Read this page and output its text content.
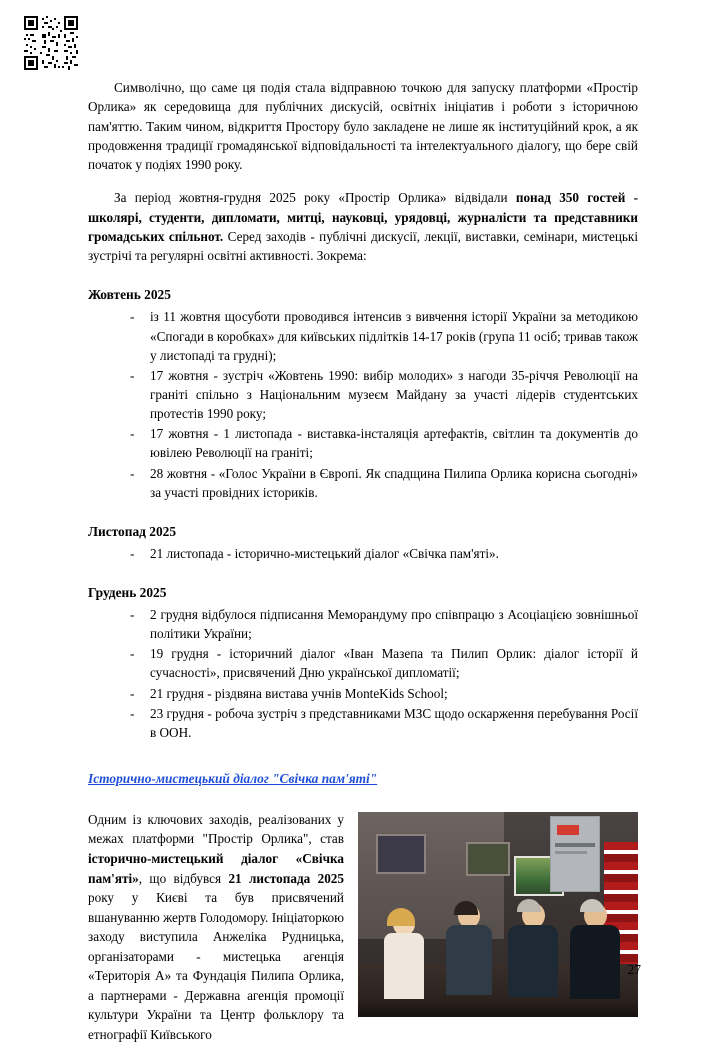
Символічно, що саме ця подія стала відправною точкою для запуску платформи «Простір Орлика» як середовища для публічних дискусій, освітніх ініціатив і роботи з історичною пам'яттю. Таким чином, відкриття Простору було закладене не лише як інституційний крок, а як продовження традиції громадянської відповідальності та інтелектуального діалогу, що бере свій початок у подіях 1990 року.

За період жовтня-грудня 2025 року «Простір Орлика» відвідали понад 350 гостей - школярі, студенти, дипломати, митці, науковці, урядовці, журналісти та представники громадських спільнот. Серед заходів - публічні дискусії, лекції, виставки, семінари, мистецькі зустрічі та регулярні освітні активності. Зокрема:

Жовтень 2025
- із 11 жовтня щосуботи проводився інтенсив з вивчення історії України за методикою «Спогади в коробках» для київських підлітків 14-17 років (група 11 осіб; тривав також у листопаді та грудні);
- 17 жовтня - зустріч «Жовтень 1990: вибір молодих» з нагоди 35-річчя Революції на граніті спільно з Національним музеєм Майдану за участі лідерів студентських протестів 1990 року;
- 17 жовтня - 1 листопада - виставка-інсталяція артефактів, світлин та документів до ювілею Революції на граніті;
- 28 жовтня - «Голос України в Європі. Як спадщина Пилипа Орлика корисна сьогодні» за участі провідних істориків.
Листопад 2025
- 21 листопада - історично-мистецький діалог «Свічка пам'яті».
Грудень 2025
- 2 грудня відбулося підписання Меморандуму про співпрацю з Асоціацією зовнішньої політики України;
- 19 грудня - історичний діалог «Іван Мазепа та Пилип Орлик: діалог історії й сучасності», присвячений Дню української дипломатії;
- 21 грудня - різдвяна вистава учнів MonteKids School;
- 23 грудня - робоча зустріч з представниками МЗС щодо оскарження перебування Росії в ООН.
Історично-мистецький діалог "Свічка пам'яті"

Одним із ключових заходів, реалізованих у межах платформи "Простір Орлика", став історично-мистецький діалог «Свічка пам'яті», що відбувся 21 листопада 2025 року у Києві та був присвячений вшануванню жертв Голодомору. Ініціаторкою заходу виступила Анжеліка Рудницька, організаторами - мистецька агенція «Територія А» та Фундація Пилипа Орлика, а партнерами - Державна агенція промоції культури України та Центр фольклору та етнографії Київського

27
